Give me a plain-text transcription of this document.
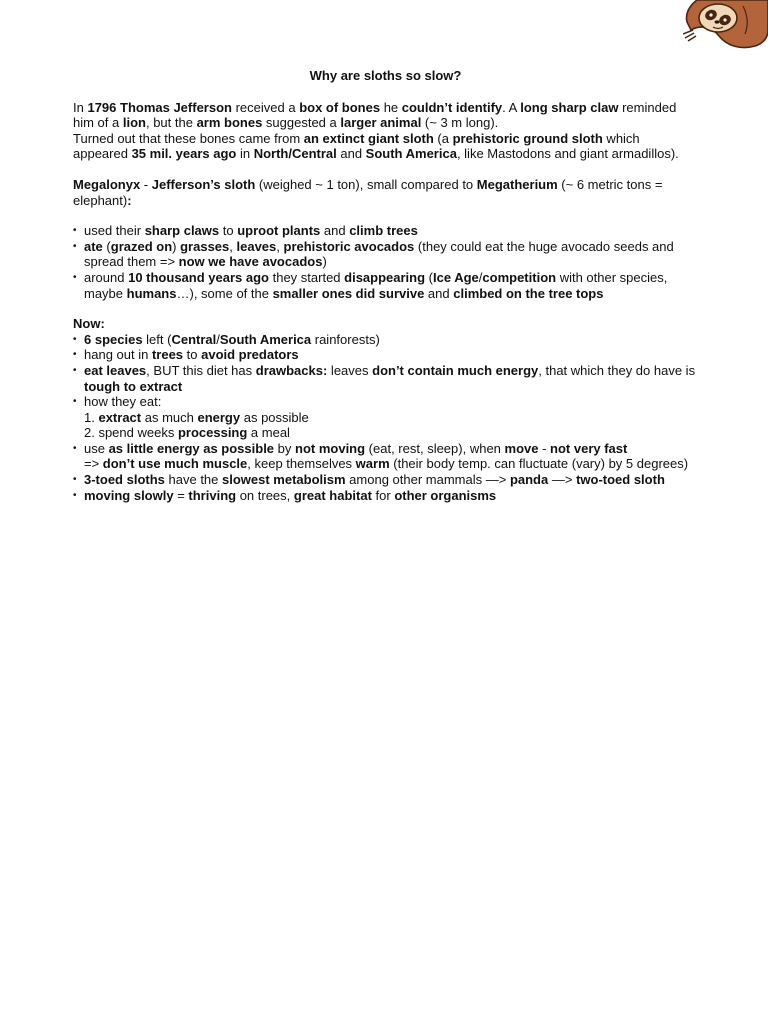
Why are sloths so slow?

In 1796 Thomas Jefferson received a box of bones he couldn’t identify. A long sharp claw reminded him of a lion, but the arm bones suggested a larger animal (~ 3 m long).

Turned out that these bones came from an extinct giant sloth (a prehistoric ground sloth which appeared 35 mil. years ago in North/Central and South America, like Mastodons and giant armadillos).

Megalonyx - Jefferson’s sloth (weighed ~ 1 ton), small compared to Megatherium (~ 6 metric tons = elephant):

• used their sharp claws to uproot plants and climb trees
• ate (grazed on) grasses, leaves, prehistoric avocados (they could eat the huge avocado seeds and spread them => now we have avocados)
• around 10 thousand years ago they started disappearing (Ice Age/competition with other species, maybe humans…), some of the smaller ones did survive and climbed on the tree tops

Now:

• 6 species left (Central/South America rainforests)
• hang out in trees to avoid predators
• eat leaves, BUT this diet has drawbacks: leaves don’t contain much energy, that which they do have is tough to extract
• how they eat:
1. extract as much energy as possible
2. spend weeks processing a meal
• use as little energy as possible by not moving (eat, rest, sleep), when move - not very fast
=> don’t use much muscle, keep themselves warm (their body temp. can fluctuate (vary) by 5 degrees)
• 3-toed sloths have the slowest metabolism among other mammals —> panda —> two-toed sloth
• moving slowly = thriving on trees, great habitat for other organisms
